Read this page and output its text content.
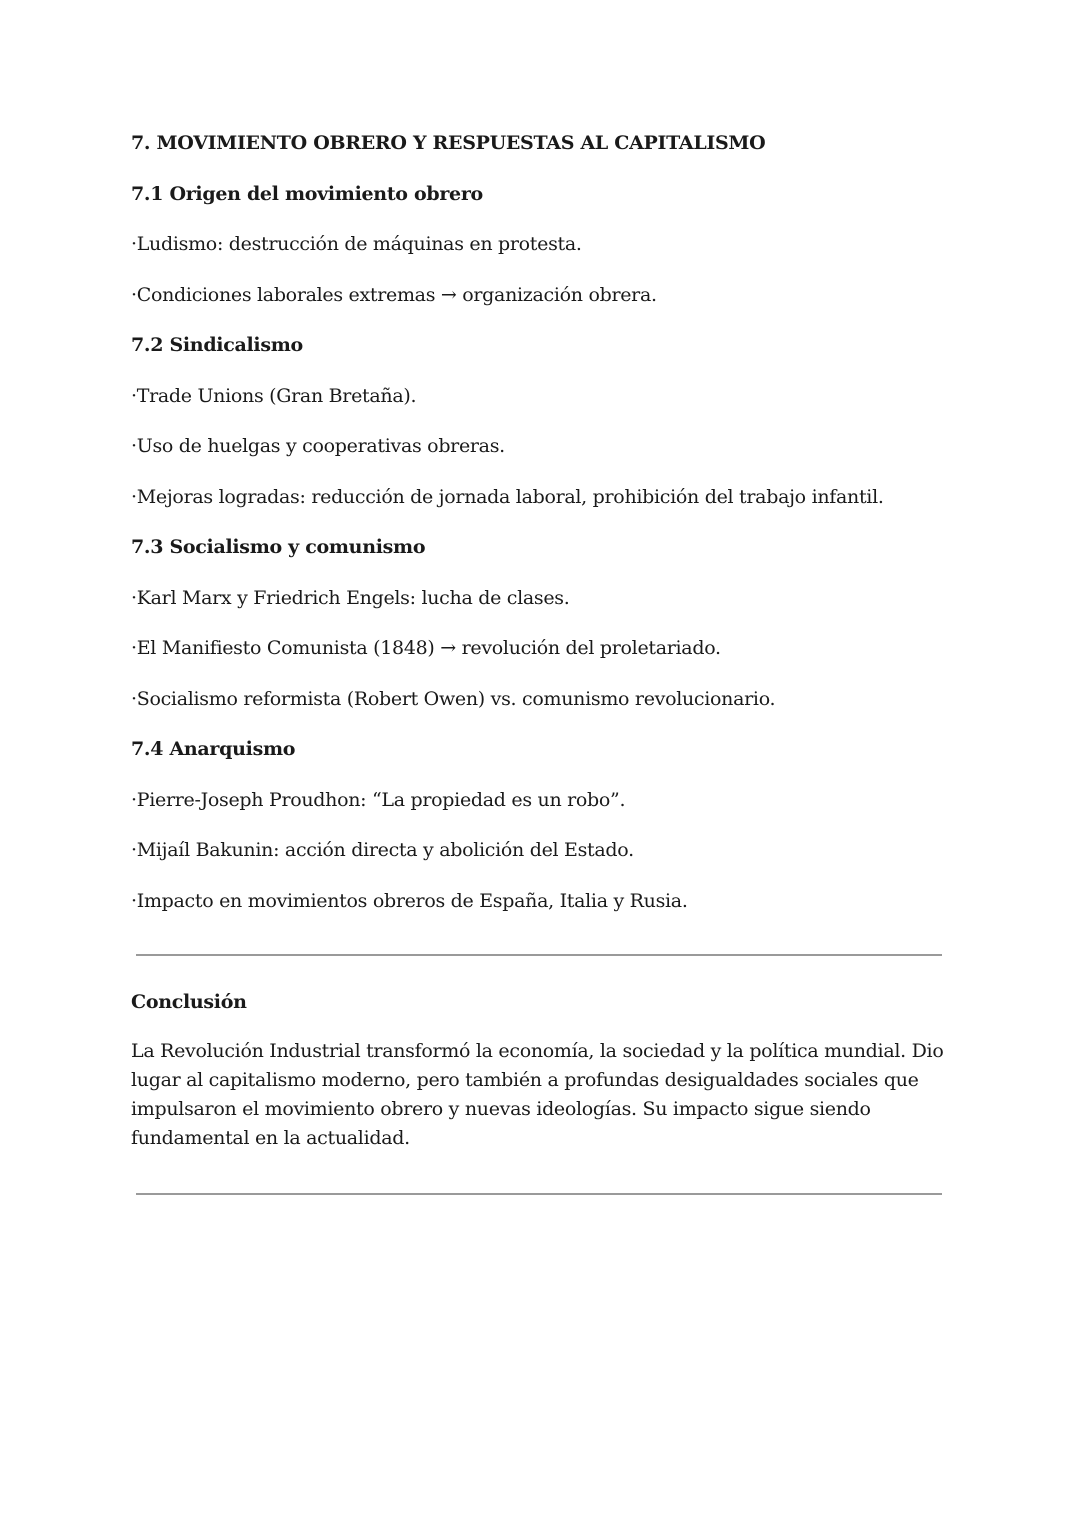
7. MOVIMIENTO OBRERO Y RESPUESTAS AL CAPITALISMO
7.1 Origen del movimiento obrero
·Ludismo: destrucción de máquinas en protesta.
·Condiciones laborales extremas → organización obrera.
7.2 Sindicalismo
·Trade Unions (Gran Bretaña).
·Uso de huelgas y cooperativas obreras.
·Mejoras logradas: reducción de jornada laboral, prohibición del trabajo infantil.
7.3 Socialismo y comunismo
·Karl Marx y Friedrich Engels: lucha de clases.
·El Manifiesto Comunista (1848) → revolución del proletariado.
·Socialismo reformista (Robert Owen) vs. comunismo revolucionario.
7.4 Anarquismo
·Pierre-Joseph Proudhon: “La propiedad es un robo”.
·Mijaíl Bakunin: acción directa y abolición del Estado.
·Impacto en movimientos obreros de España, Italia y Rusia.
Conclusión
La Revolución Industrial transformó la economía, la sociedad y la política mundial. Dio lugar al capitalismo moderno, pero también a profundas desigualdades sociales que impulsaron el movimiento obrero y nuevas ideologías. Su impacto sigue siendo fundamental en la actualidad.
